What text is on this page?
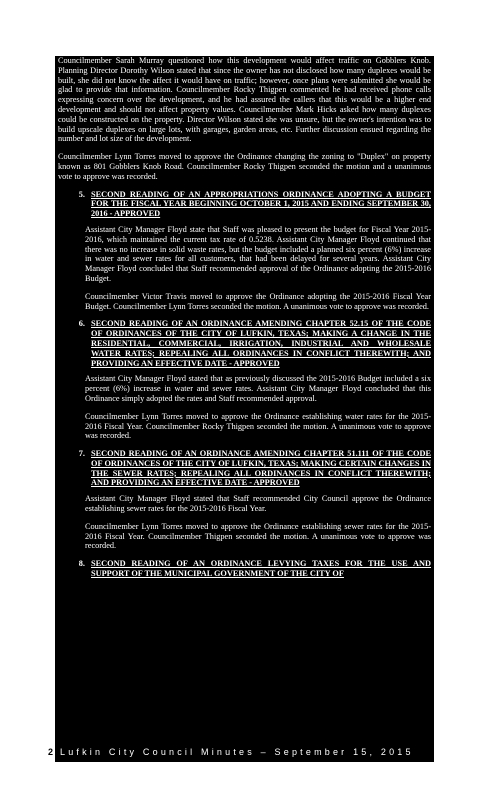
Councilmember Sarah Murray questioned how this development would affect traffic on Gobblers Knob. Planning Director Dorothy Wilson stated that since the owner has not disclosed how many duplexes would be built, she did not know the affect it would have on traffic; however, once plans were submitted she would be glad to provide that information. Councilmember Rocky Thigpen commented he had received phone calls expressing concern over the development, and he had assured the callers that this would be a higher end development and should not affect property values. Councilmember Mark Hicks asked how many duplexes could be constructed on the property. Director Wilson stated she was unsure, but the owner's intention was to build upscale duplexes on large lots, with garages, garden areas, etc. Further discussion ensued regarding the number and lot size of the development.

Councilmember Lynn Torres moved to approve the Ordinance changing the zoning to "Duplex" on property known as 801 Gobblers Knob Road. Councilmember Rocky Thigpen seconded the motion and a unanimous vote to approve was recorded.

5. SECOND READING OF AN APPROPRIATIONS ORDINANCE ADOPTING A BUDGET FOR THE FISCAL YEAR BEGINNING OCTOBER 1, 2015 AND ENDING SEPTEMBER 30, 2016 - APPROVED

Assistant City Manager Floyd state that Staff was pleased to present the budget for Fiscal Year 2015-2016, which maintained the current tax rate of 0.5238. Assistant City Manager Floyd continued that there was no increase in solid waste rates, but the budget included a planned six percent (6%) increase in water and sewer rates for all customers, that had been delayed for several years. Assistant City Manager Floyd concluded that Staff recommended approval of the Ordinance adopting the 2015-2016 Budget.

Councilmember Victor Travis moved to approve the Ordinance adopting the 2015-2016 Fiscal Year Budget. Councilmember Lynn Torres seconded the motion. A unanimous vote to approve was recorded.

6. SECOND READING OF AN ORDINANCE AMENDING CHAPTER 52.15 OF THE CODE OF ORDINANCES OF THE CITY OF LUFKIN, TEXAS; MAKING A CHANGE IN THE RESIDENTIAL, COMMERCIAL, IRRIGATION, INDUSTRIAL AND WHOLESALE WATER RATES; REPEALING ALL ORDINANCES IN CONFLICT THEREWITH; AND PROVIDING AN EFFECTIVE DATE - APPROVED

Assistant City Manager Floyd stated that as previously discussed the 2015-2016 Budget included a six percent (6%) increase in water and sewer rates. Assistant City Manager Floyd concluded that this Ordinance simply adopted the rates and Staff recommended approval.

Councilmember Lynn Torres moved to approve the Ordinance establishing water rates for the 2015-2016 Fiscal Year. Councilmember Rocky Thigpen seconded the motion. A unanimous vote to approve was recorded.

7. SECOND READING OF AN ORDINANCE AMENDING CHAPTER 51.111 OF THE CODE OF ORDINANCES OF THE CITY OF LUFKIN, TEXAS; MAKING CERTAIN CHANGES IN THE SEWER RATES; REPEALING ALL ORDINANCES IN CONFLICT THEREWITH; AND PROVIDING AN EFFECTIVE DATE - APPROVED

Assistant City Manager Floyd stated that Staff recommended City Council approve the Ordinance establishing sewer rates for the 2015-2016 Fiscal Year.

Councilmember Lynn Torres moved to approve the Ordinance establishing sewer rates for the 2015-2016 Fiscal Year. Councilmember Thigpen seconded the motion. A unanimous vote to approve was recorded.

8. SECOND READING OF AN ORDINANCE LEVYING TAXES FOR THE USE AND SUPPORT OF THE MUNICIPAL GOVERNMENT OF THE CITY OF
2 Lufkin City Council Minutes – September 15, 2015
